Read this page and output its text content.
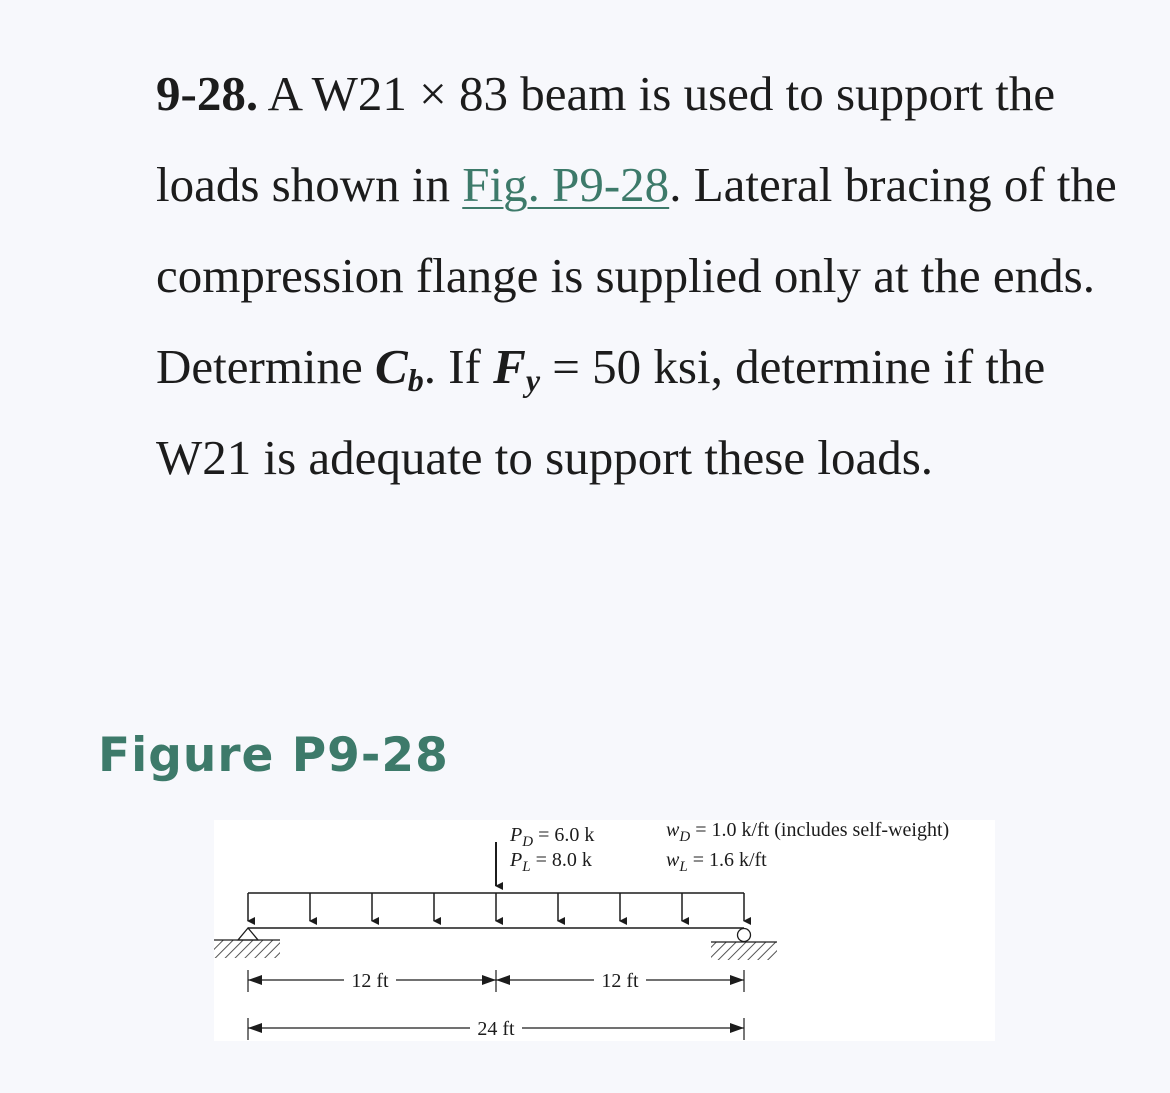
9-28. A W21 × 83 beam is used to support the loads shown in Fig. P9-28. Lateral bracing of the compression flange is supplied only at the ends. Determine $C_b$. If $F_y = 50$ ksi, determine if the W21 is adequate to support these loads.

Figure P9-28
12 ft	12 ft
24 ft
$P_D = 6.0$ k
$P_L = 8.0$ k
$w_D = 1.0$ k/ft (includes self-weight)
$w_L = 1.6$ k/ft
